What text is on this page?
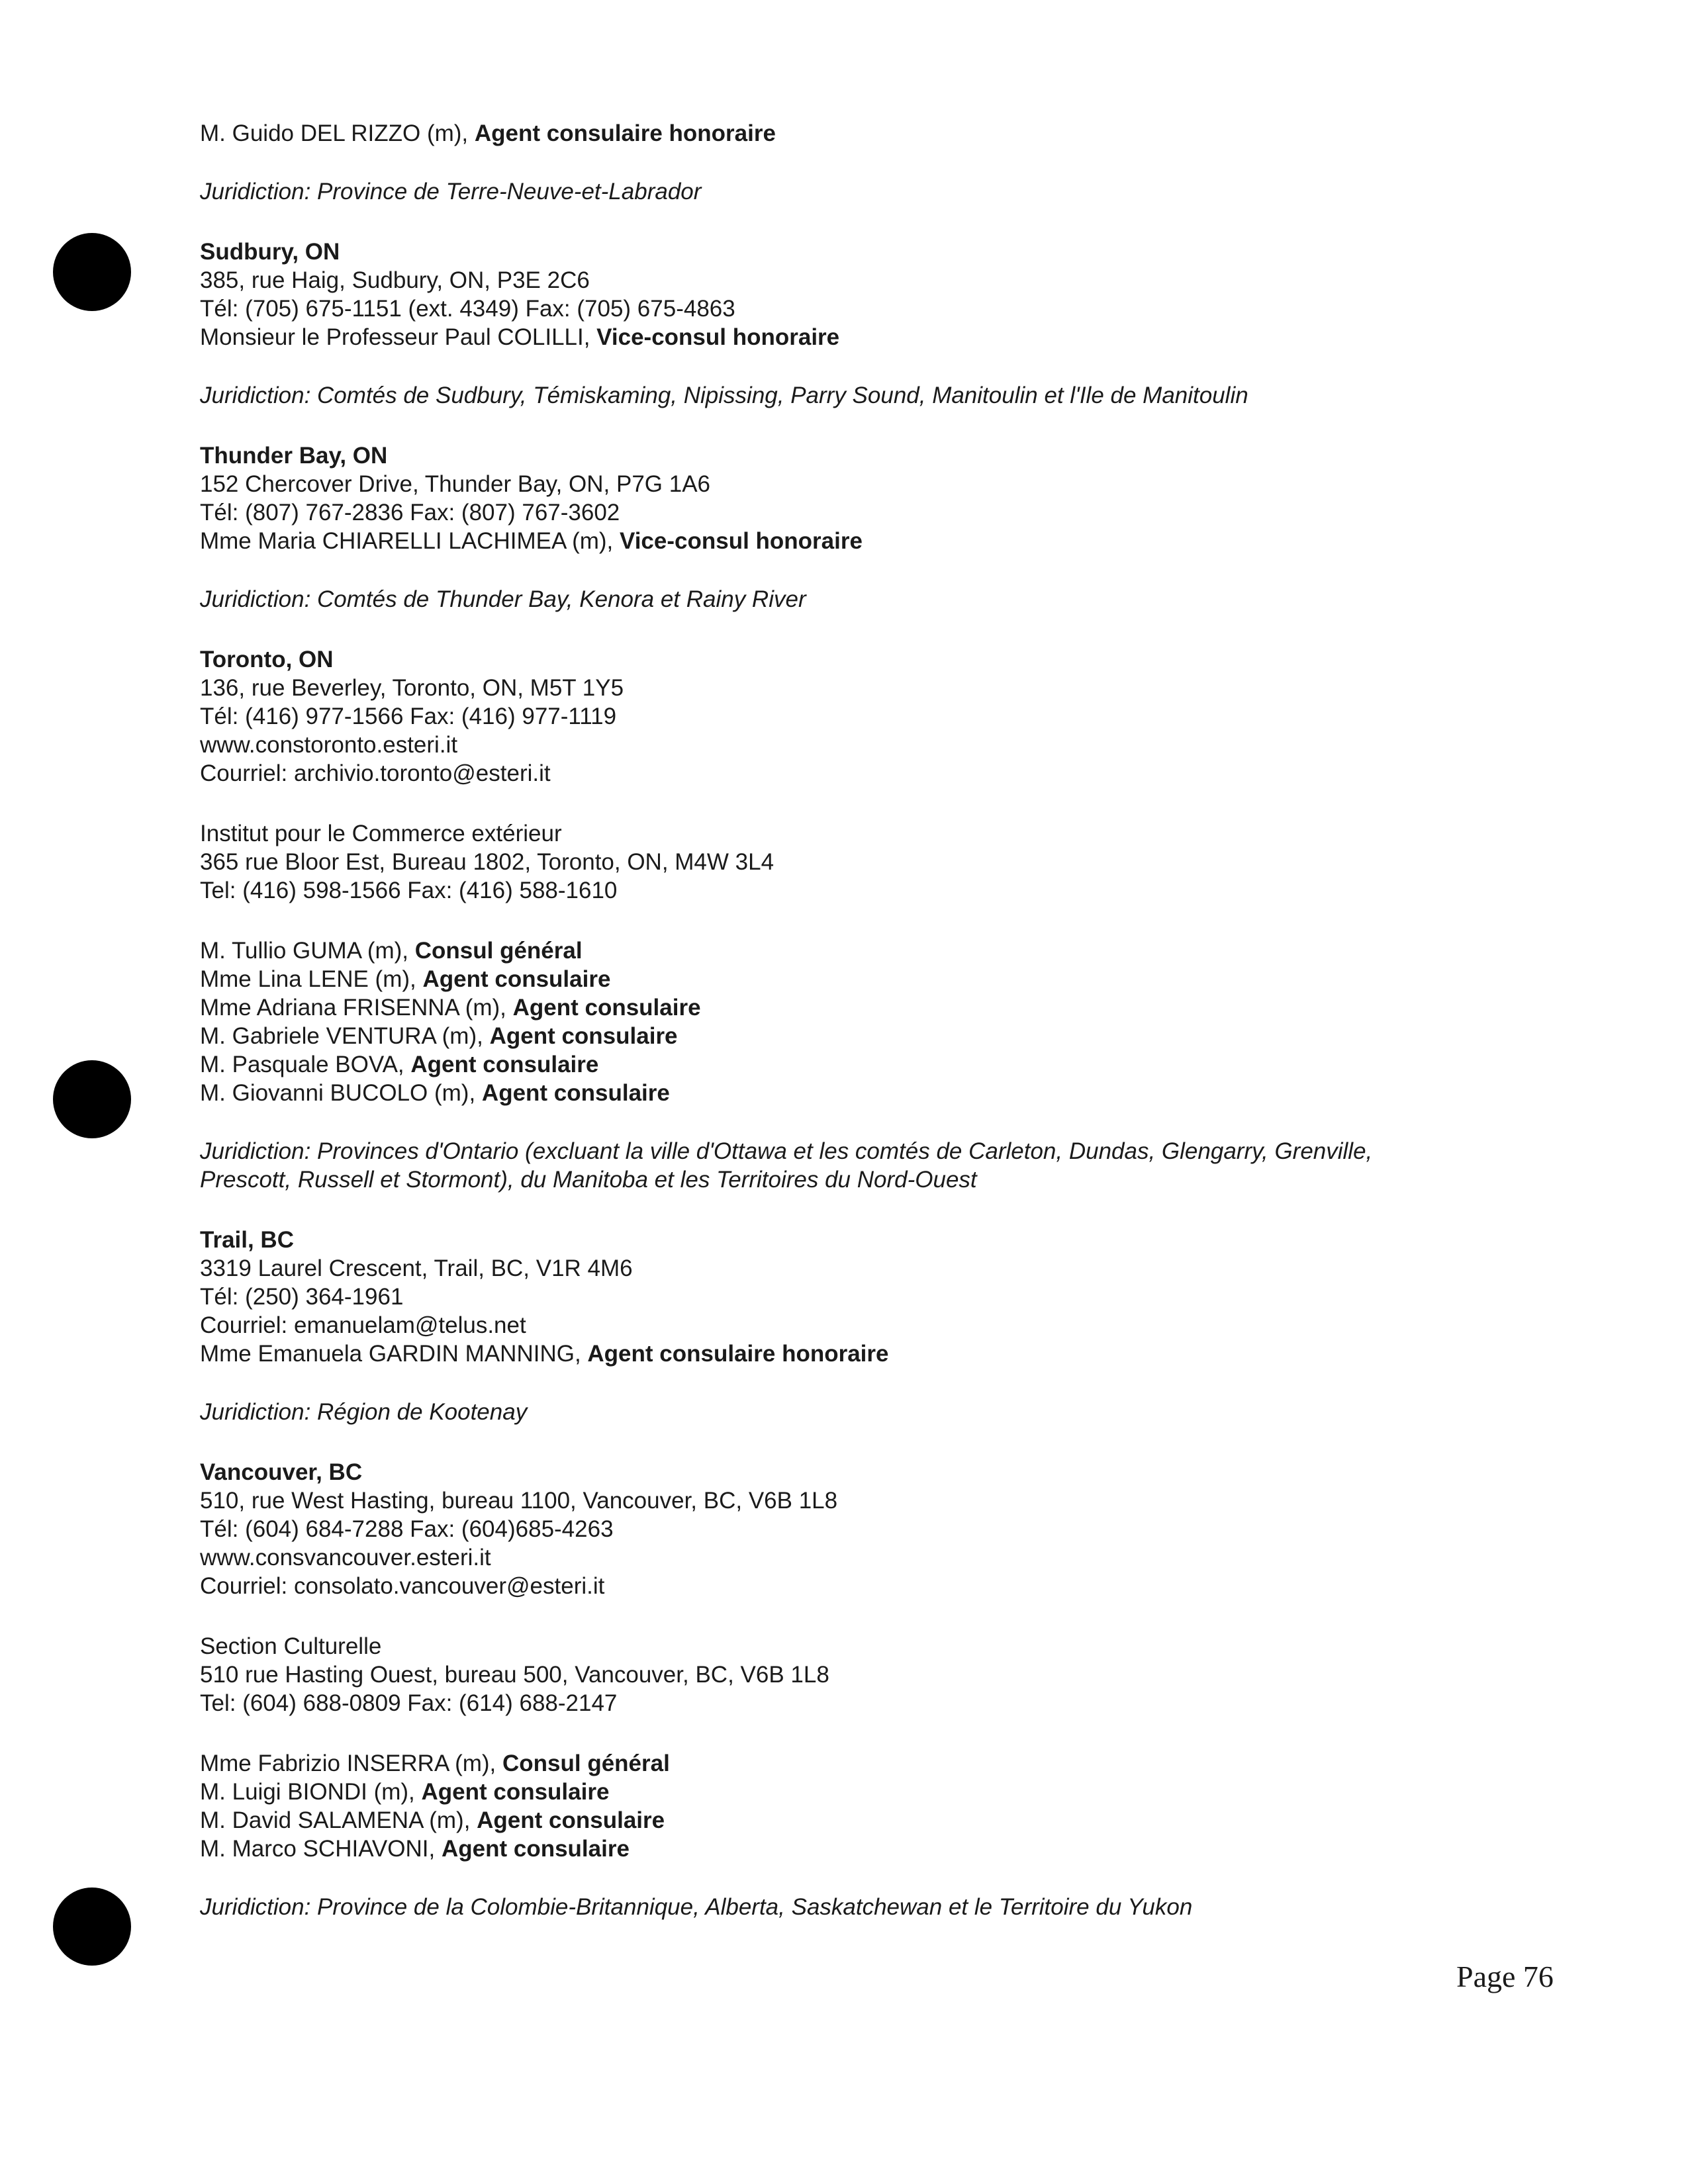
M. Guido DEL RIZZO (m), Agent consulaire honoraire
Juridiction: Province de Terre-Neuve-et-Labrador
Sudbury, ON
385, rue Haig, Sudbury, ON, P3E 2C6
Tél: (705) 675-1151 (ext. 4349) Fax: (705) 675-4863
Monsieur le Professeur Paul COLILLI, Vice-consul honoraire
Juridiction: Comtés de Sudbury, Témiskaming, Nipissing, Parry Sound, Manitoulin et l'Ile de Manitoulin
Thunder Bay, ON
152 Chercover Drive, Thunder Bay, ON, P7G 1A6
Tél: (807) 767-2836 Fax: (807) 767-3602
Mme Maria CHIARELLI LACHIMEA (m), Vice-consul honoraire
Juridiction: Comtés de Thunder Bay, Kenora et Rainy River
Toronto, ON
136, rue Beverley, Toronto, ON, M5T 1Y5
Tél: (416) 977-1566 Fax: (416) 977-1119
www.constoronto.esteri.it
Courriel: archivio.toronto@esteri.it
Institut pour le Commerce extérieur
365 rue Bloor Est, Bureau 1802, Toronto, ON, M4W 3L4
Tel: (416) 598-1566 Fax: (416) 588-1610
M. Tullio GUMA (m), Consul général
Mme Lina LENE (m), Agent consulaire
Mme Adriana FRISENNA (m), Agent consulaire
M. Gabriele VENTURA (m), Agent consulaire
M. Pasquale BOVA, Agent consulaire
M. Giovanni BUCOLO (m), Agent consulaire
Juridiction: Provinces d'Ontario (excluant la ville d'Ottawa et les comtés de Carleton, Dundas, Glengarry, Grenville,
Prescott, Russell et Stormont), du Manitoba et les Territoires du Nord-Ouest
Trail, BC
3319 Laurel Crescent, Trail, BC, V1R 4M6
Tél: (250) 364-1961
Courriel: emanuelam@telus.net
Mme Emanuela GARDIN MANNING, Agent consulaire honoraire
Juridiction: Région de Kootenay
Vancouver, BC
510, rue West Hasting, bureau 1100, Vancouver, BC, V6B 1L8
Tél: (604) 684-7288 Fax: (604)685-4263
www.consvancouver.esteri.it
Courriel: consolato.vancouver@esteri.it
Section Culturelle
510 rue Hasting Ouest, bureau 500, Vancouver, BC, V6B 1L8
Tel: (604) 688-0809 Fax: (614) 688-2147
Mme Fabrizio INSERRA (m), Consul général
M. Luigi BIONDI (m), Agent consulaire
M. David SALAMENA (m), Agent consulaire
M. Marco SCHIAVONI, Agent consulaire
Juridiction: Province de la Colombie-Britannique, Alberta, Saskatchewan et le Territoire du Yukon
Page 76
